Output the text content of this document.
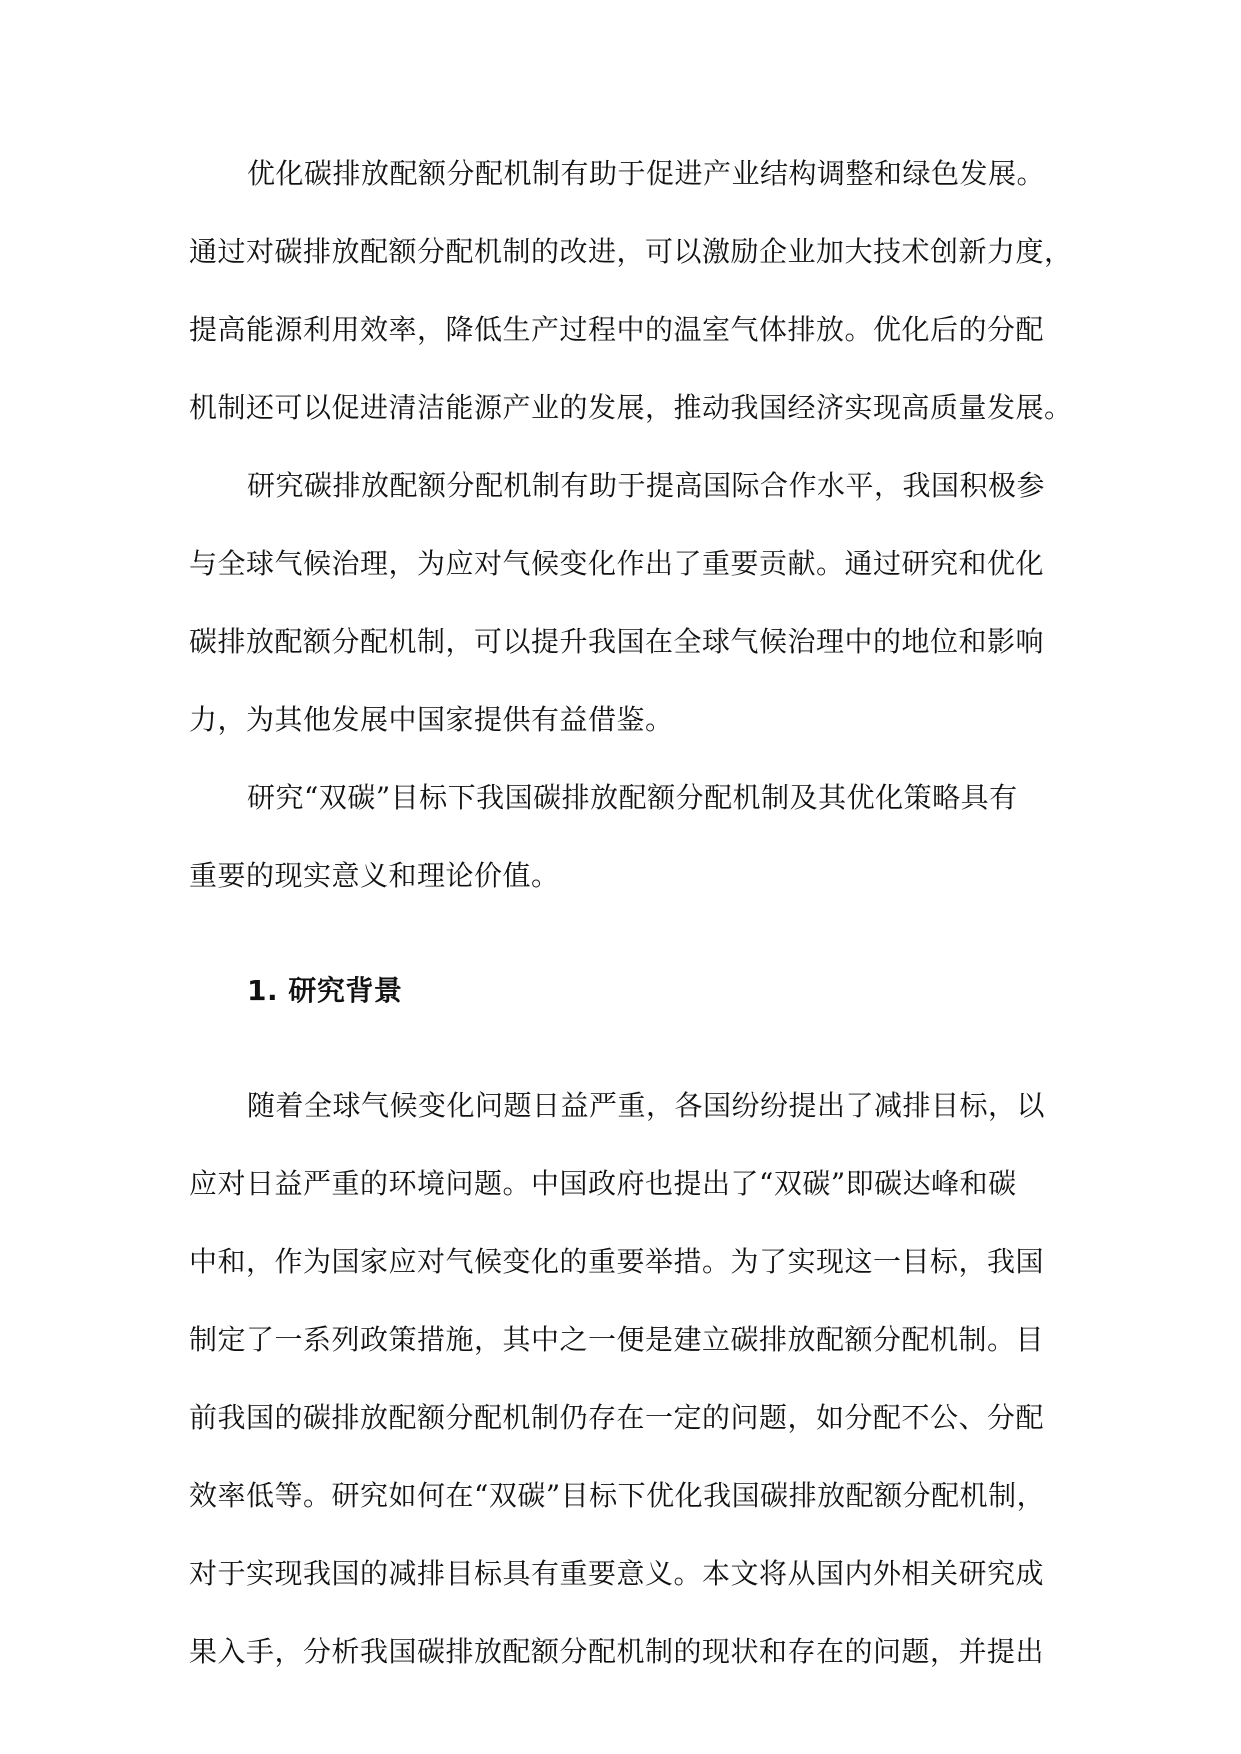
优化碳排放配额分配机制有助于促进产业结构调整和绿色发展。

通过对碳排放配额分配机制的改进，可以激励企业加大技术创新力度，

提高能源利用效率，降低生产过程中的温室气体排放。优化后的分配

机制还可以促进清洁能源产业的发展，推动我国经济实现高质量发展。

研究碳排放配额分配机制有助于提高国际合作水平，我国积极参

与全球气候治理，为应对气候变化作出了重要贡献。通过研究和优化

碳排放配额分配机制，可以提升我国在全球气候治理中的地位和影响

力，为其他发展中国家提供有益借鉴。

研究“双碳”目标下我国碳排放配额分配机制及其优化策略具有

重要的现实意义和理论价值。

1. 研究背景

随着全球气候变化问题日益严重，各国纷纷提出了减排目标，以

应对日益严重的环境问题。中国政府也提出了“双碳”即碳达峰和碳

中和，作为国家应对气候变化的重要举措。为了实现这一目标，我国

制定了一系列政策措施，其中之一便是建立碳排放配额分配机制。目

前我国的碳排放配额分配机制仍存在一定的问题，如分配不公、分配

效率低等。研究如何在“双碳”目标下优化我国碳排放配额分配机制，

对于实现我国的减排目标具有重要意义。本文将从国内外相关研究成

果入手，分析我国碳排放配额分配机制的现状和存在的问题，并提出
